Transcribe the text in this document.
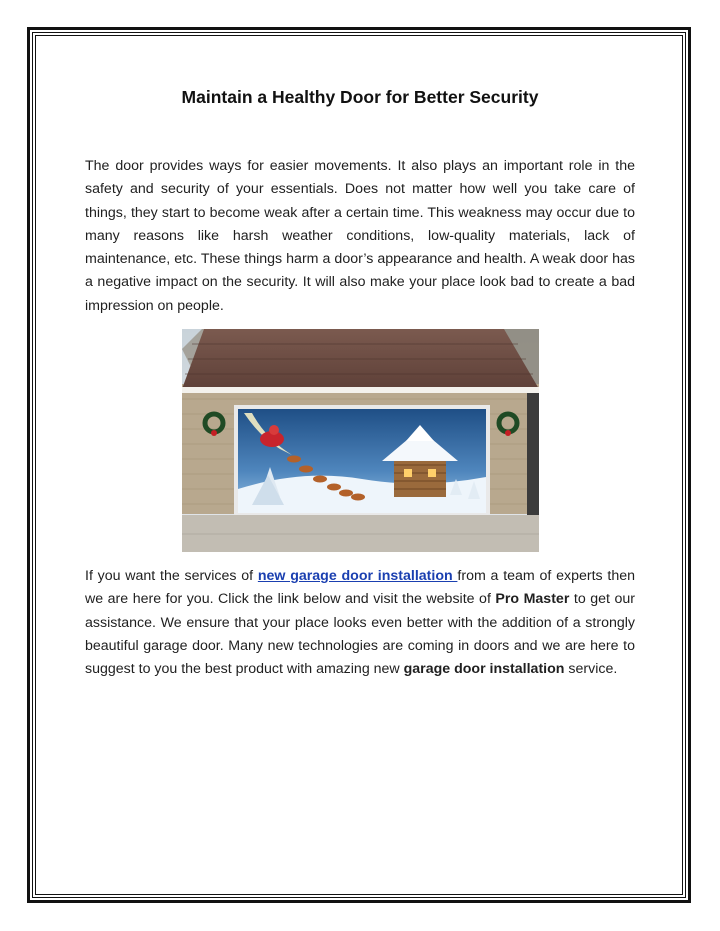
Maintain a Healthy Door for Better Security

The door provides ways for easier movements. It also plays an important role in the safety and security of your essentials. Does not matter how well you take care of things, they start to become weak after a certain time. This weakness may occur due to many reasons like harsh weather conditions, low-quality materials, lack of maintenance, etc. These things harm a door’s appearance and health. A weak door has a negative impact on the security. It will also make your place look bad to create a bad impression on people.

If you want the services of new garage door installation from a team of experts then we are here for you. Click the link below and visit the website of Pro Master to get our assistance. We ensure that your place looks even better with the addition of a strongly beautiful garage door. Many new technologies are coming in doors and we are here to suggest to you the best product with amazing new garage door installation service.
